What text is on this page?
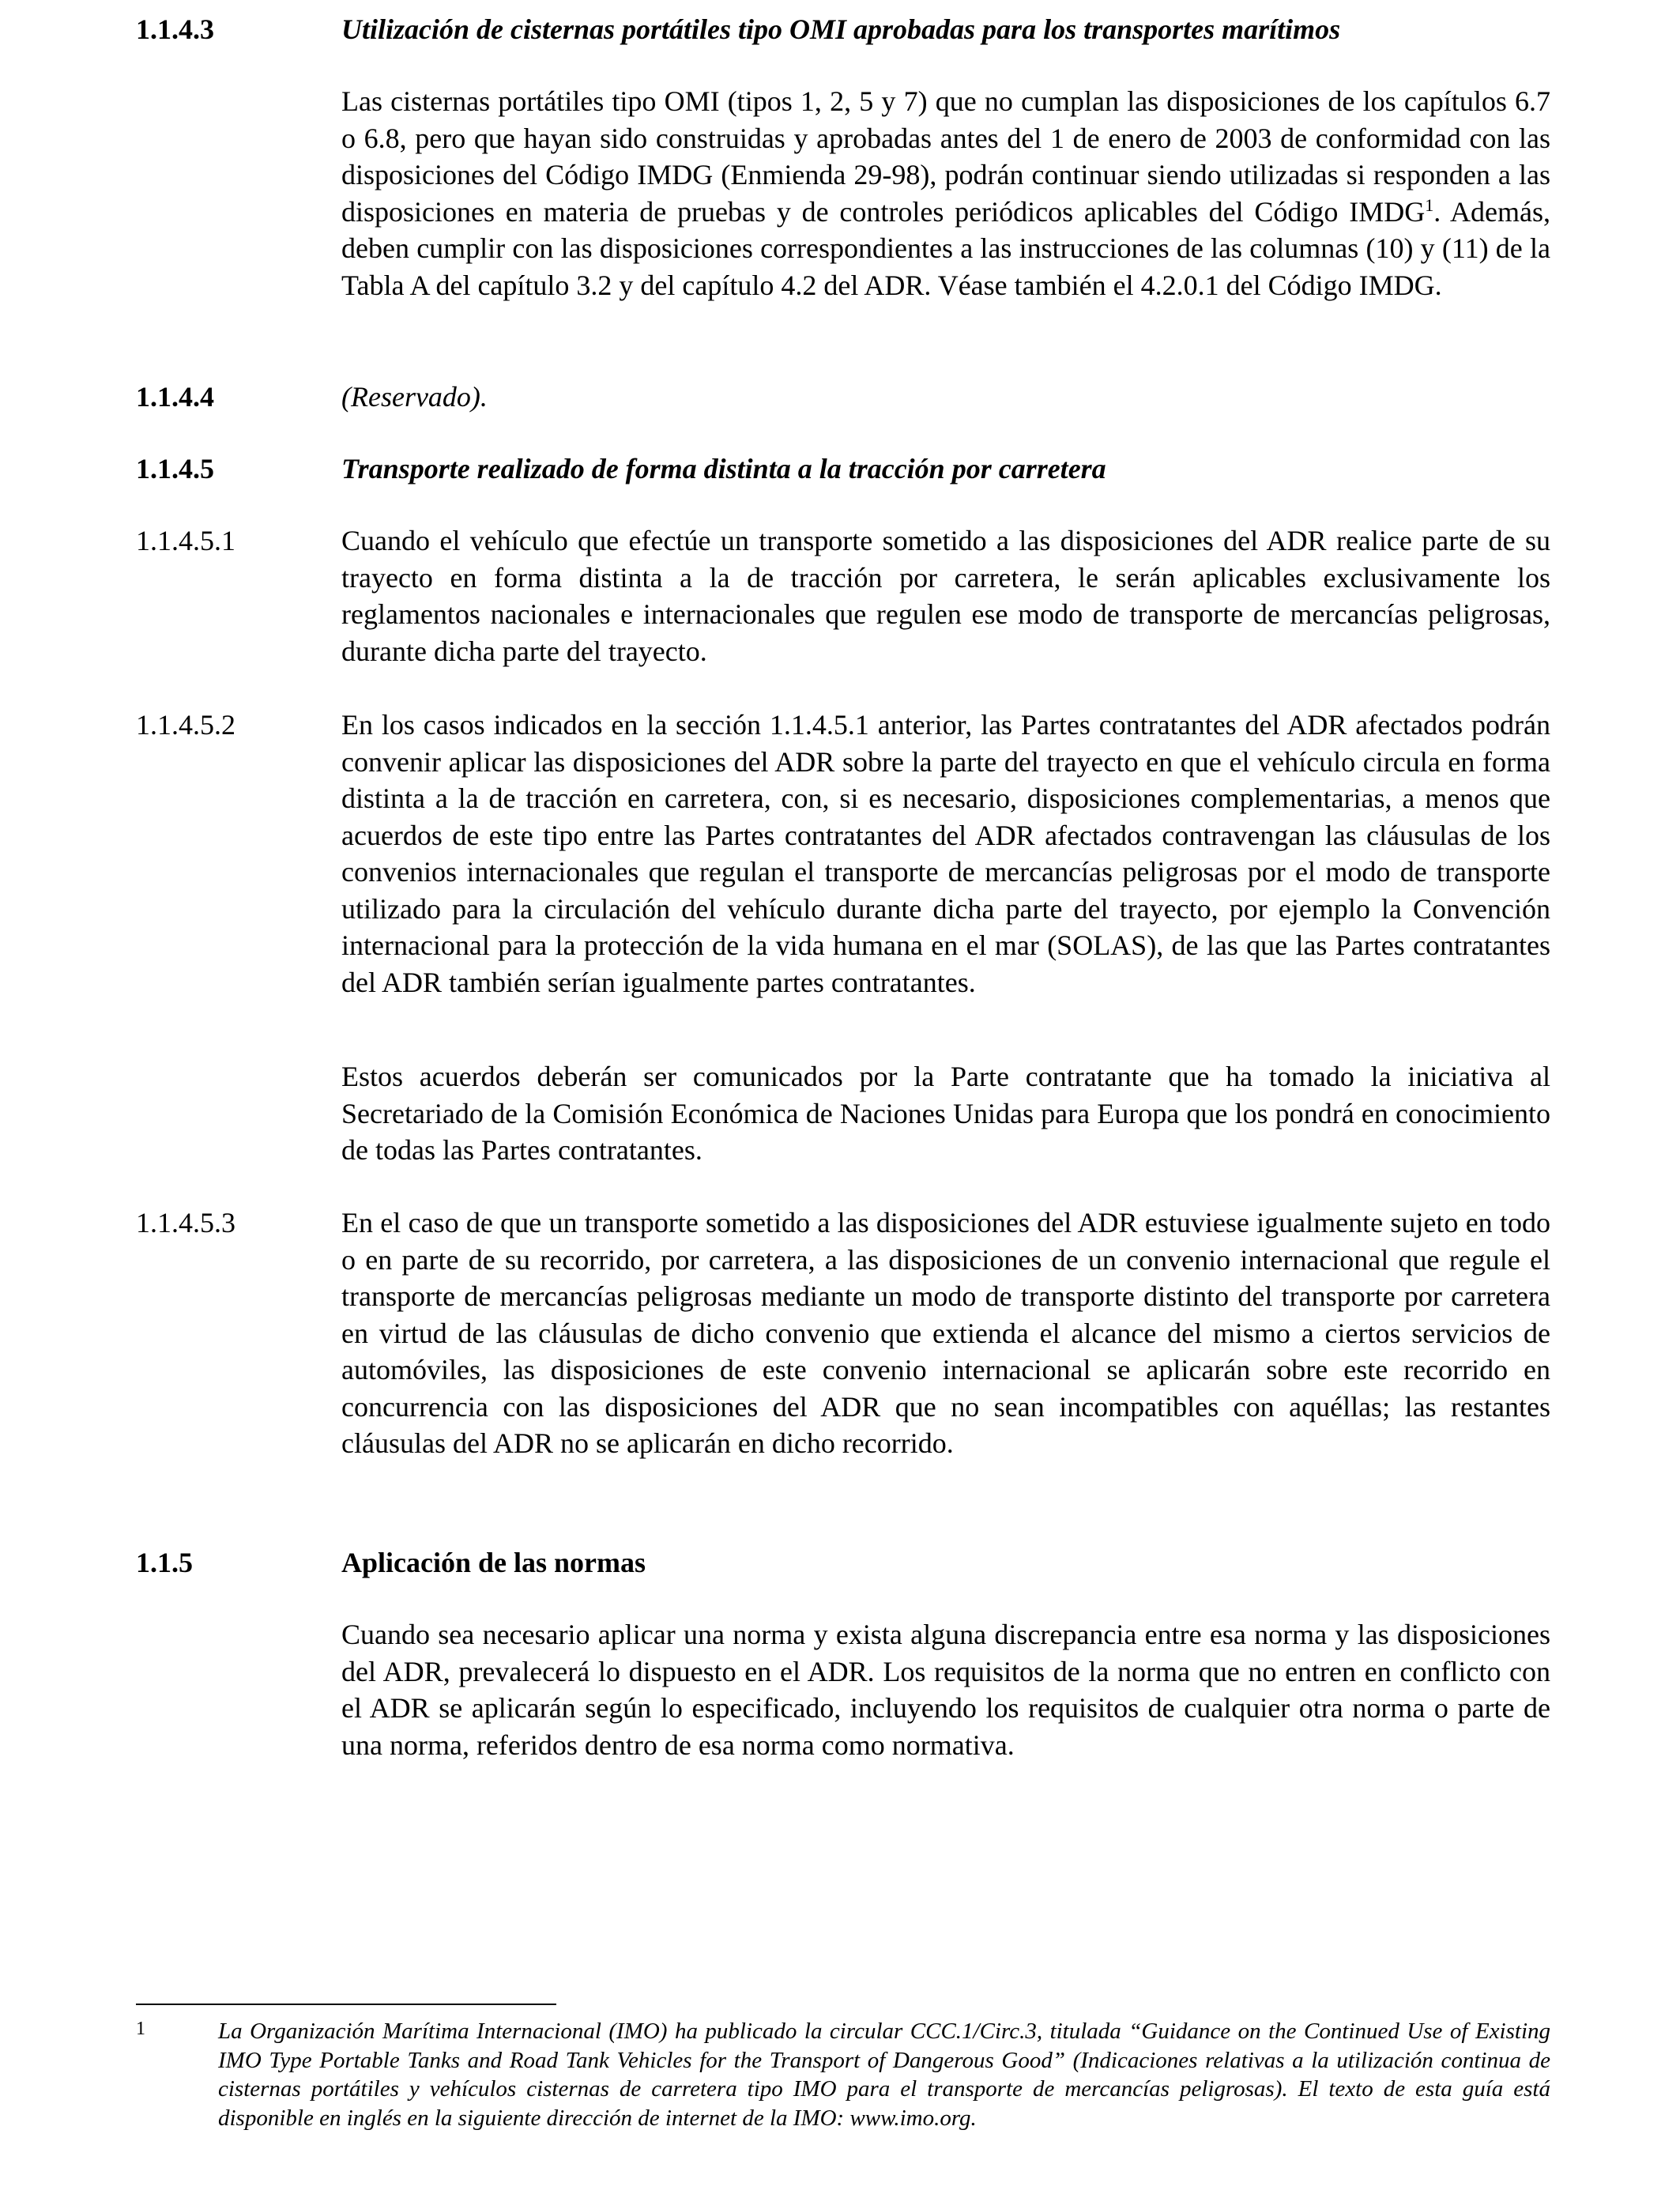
1.1.4.3	Utilización de cisternas portátiles tipo OMI aprobadas para los transportes marítimos
Las cisternas portátiles tipo OMI (tipos 1, 2, 5 y 7) que no cumplan las disposiciones de los capítulos 6.7 o 6.8, pero que hayan sido construidas y aprobadas antes del 1 de enero de 2003 de conformidad con las disposiciones del Código IMDG (Enmienda 29-98), podrán continuar siendo utilizadas si responden a las disposiciones en materia de pruebas y de controles periódicos aplicables del Código IMDG$^1$. Además, deben cumplir con las disposiciones correspondientes a las instrucciones de las columnas (10) y (11) de la Tabla A del capítulo 3.2 y del capítulo 4.2 del ADR. Véase también el 4.2.0.1 del Código IMDG.
1.1.4.4	(Reservado).
1.1.4.5	Transporte realizado de forma distinta a la tracción por carretera
1.1.4.5.1	Cuando el vehículo que efectúe un transporte sometido a las disposiciones del ADR realice parte de su trayecto en forma distinta a la de tracción por carretera, le serán aplicables exclusivamente los reglamentos nacionales e internacionales que regulen ese modo de transporte de mercancías peligrosas, durante dicha parte del trayecto.
1.1.4.5.2	En los casos indicados en la sección 1.1.4.5.1 anterior, las Partes contratantes del ADR afectados podrán convenir aplicar las disposiciones del ADR sobre la parte del trayecto en que el vehículo circula en forma distinta a la de tracción en carretera, con, si es necesario, disposiciones complementarias, a menos que acuerdos de este tipo entre las Partes contratantes del ADR afectados contravengan las cláusulas de los convenios internacionales que regulan el transporte de mercancías peligrosas por el modo de transporte utilizado para la circulación del vehículo durante dicha parte del trayecto, por ejemplo la Convención internacional para la protección de la vida humana en el mar (SOLAS), de las que las Partes contratantes del ADR también serían igualmente partes contratantes.
Estos acuerdos deberán ser comunicados por la Parte contratante que ha tomado la iniciativa al Secretariado de la Comisión Económica de Naciones Unidas para Europa que los pondrá en conocimiento de todas las Partes contratantes.
1.1.4.5.3	En el caso de que un transporte sometido a las disposiciones del ADR estuviese igualmente sujeto en todo o en parte de su recorrido, por carretera, a las disposiciones de un convenio internacional que regule el transporte de mercancías peligrosas mediante un modo de transporte distinto del transporte por carretera en virtud de las cláusulas de dicho convenio que extienda el alcance del mismo a ciertos servicios de automóviles, las disposiciones de este convenio internacional se aplicarán sobre este recorrido en concurrencia con las disposiciones del ADR que no sean incompatibles con aquéllas; las restantes cláusulas del ADR no se aplicarán en dicho recorrido.
1.1.5	Aplicación de las normas
Cuando sea necesario aplicar una norma y exista alguna discrepancia entre esa norma y las disposiciones del ADR, prevalecerá lo dispuesto en el ADR. Los requisitos de la norma que no entren en conflicto con el ADR se aplicarán según lo especificado, incluyendo los requisitos de cualquier otra norma o parte de una norma, referidos dentro de esa norma como normativa.
1	La Organización Marítima Internacional (IMO) ha publicado la circular CCC.1/Circ.3, titulada “Guidance on the Continued Use of Existing IMO Type Portable Tanks and Road Tank Vehicles for the Transport of Dangerous Good” (Indicaciones relativas a la utilización continua de cisternas portátiles y vehículos cisternas de carretera tipo IMO para el transporte de mercancías peligrosas). El texto de esta guía está disponible en inglés en la siguiente dirección de internet de la IMO: www.imo.org.
